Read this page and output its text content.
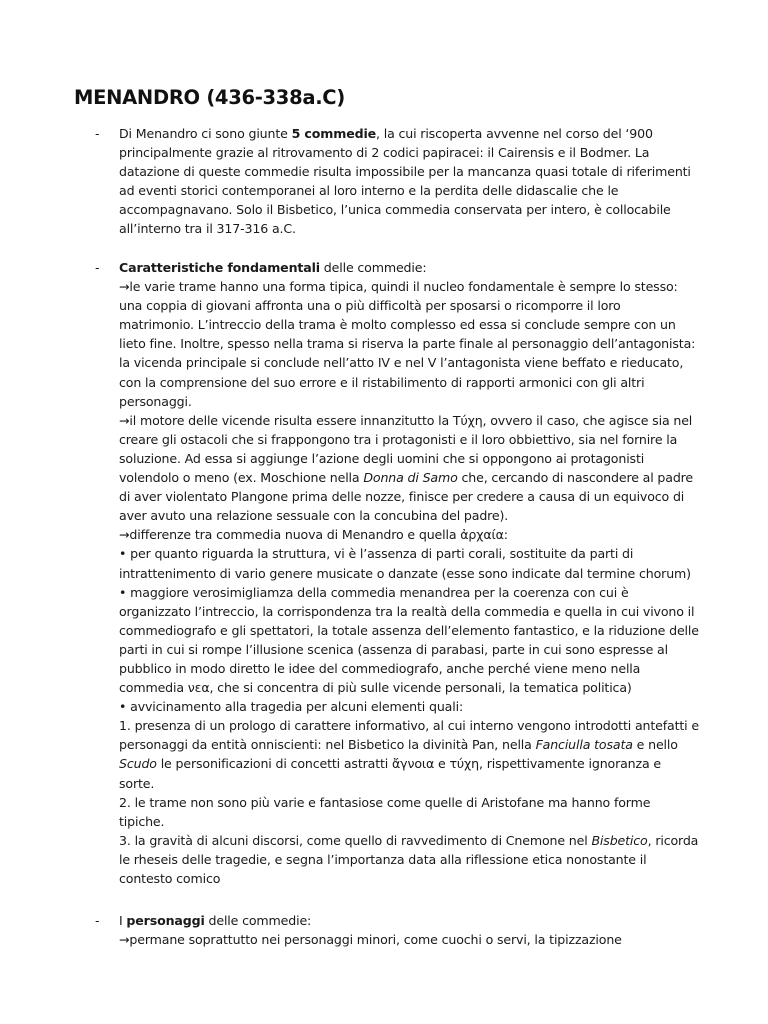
MENANDRO (436-338a.C)
- Di Menandro ci sono giunte 5 commedie, la cui riscoperta avvenne nel corso del ‘900 principalmente grazie al ritrovamento di 2 codici papiracei: il Cairensis e il Bodmer. La datazione di queste commedie risulta impossibile per la mancanza quasi totale di riferimenti ad eventi storici contemporanei al loro interno e la perdita delle didascalie che le accompagnavano. Solo il Bisbetico, l’unica commedia conservata per intero, è collocabile all’interno tra il 317-316 a.C.

- Caratteristiche fondamentali delle commedie:

→le varie trame hanno una forma tipica, quindi il nucleo fondamentale è sempre lo stesso: una coppia di giovani affronta una o più difficoltà per sposarsi o ricomporre il loro matrimonio. L’intreccio della trama è molto complesso ed essa si conclude sempre con un lieto fine. Inoltre, spesso nella trama si riserva la parte finale al personaggio dell’antagonista: la vicenda principale si conclude nell’atto IV e nel V l’antagonista viene beffato e rieducato, con la comprensione del suo errore e il ristabilimento di rapporti armonici con gli altri personaggi.

→il motore delle vicende risulta essere innanzitutto la Tύχη, ovvero il caso, che agisce sia nel creare gli ostacoli che si frappongono tra i protagonisti e il loro obbiettivo, sia nel fornire la soluzione. Ad essa si aggiunge l’azione degli uomini che si oppongono ai protagonisti volendolo o meno (ex. Moschione nella Donna di Samo che, cercando di nascondere al padre di aver violentato Plangone prima delle nozze, finisce per credere a causa di un equivoco di aver avuto una relazione sessuale con la concubina del padre).

→differenze tra commedia nuova di Menandro e quella ἀρχαία:

• per quanto riguarda la struttura, vi è l’assenza di parti corali, sostituite da parti di intrattenimento di vario genere musicate o danzate (esse sono indicate dal termine chorum)

• maggiore verosimigliamza della commedia menandrea per la coerenza con cui è organizzato l’intreccio, la corrispondenza tra la realtà della commedia e quella in cui vivono il commediografo e gli spettatori, la totale assenza dell’elemento fantastico, e la riduzione delle parti in cui si rompe l’illusione scenica (assenza di parabasi, parte in cui sono espresse al pubblico in modo diretto le idee del commediografo, anche perché viene meno nella commedia νεα, che si concentra di più sulle vicende personali, la tematica politica)

• avvicinamento alla tragedia per alcuni elementi quali:

1. presenza di un prologo di carattere informativo, al cui interno vengono introdotti antefatti e personaggi da entità onniscienti: nel Bisbetico la divinità Pan, nella Fanciulla tosata e nello Scudo le personificazioni di concetti astratti ἄγνοια e τύχη, rispettivamente ignoranza e sorte.

2. le trame non sono più varie e fantasiose come quelle di Aristofane ma hanno forme tipiche.

3. la gravità di alcuni discorsi, come quello di ravvedimento di Cnemone nel Bisbetico, ricorda le rheseis delle tragedie, e segna l’importanza data alla riflessione etica nonostante il contesto comico

- I personaggi delle commedie:

→permane soprattutto nei personaggi minori, come cuochi o servi, la tipizzazione
